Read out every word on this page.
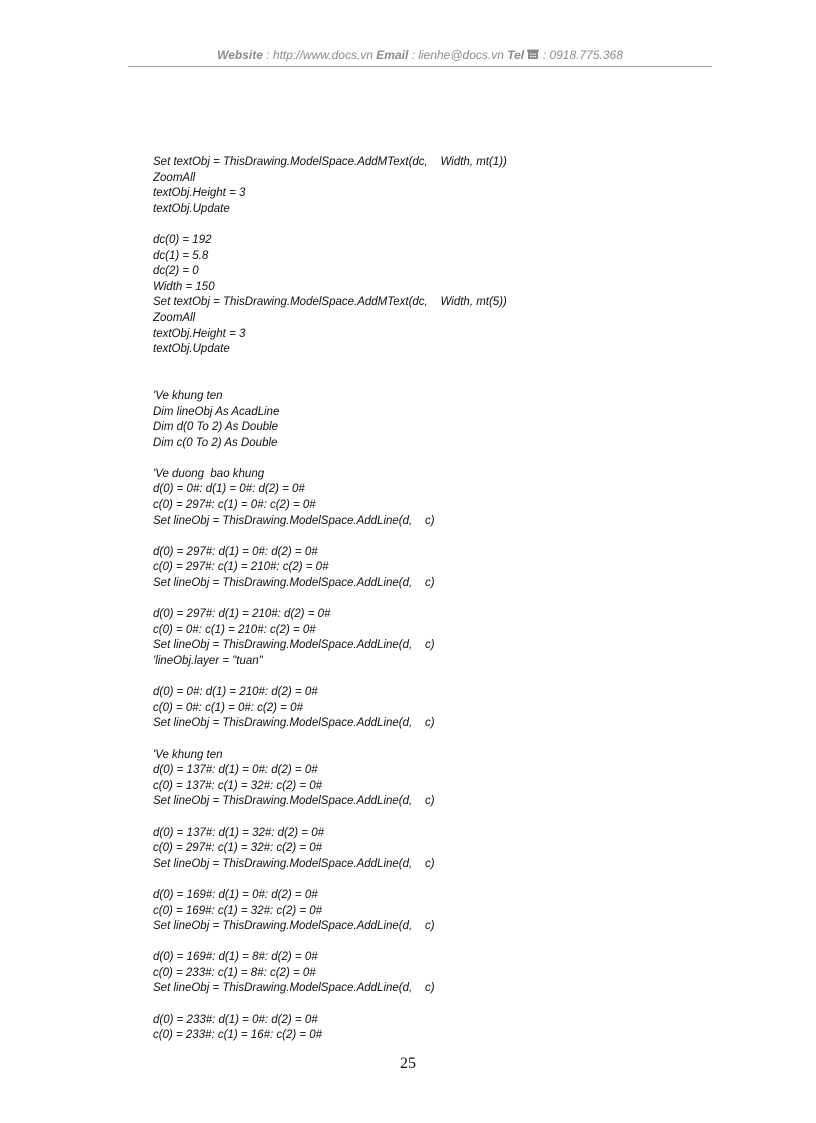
Website : http://www.docs.vn Email : lienhe@docs.vn Tel  : 0918.775.368
Set textObj = ThisDrawing.ModelSpace.AddMText(dc,    Width, mt(1))
ZoomAll
textObj.Height = 3
textObj.Update
dc(0) = 192
dc(1) = 5.8
dc(2) = 0
Width = 150
Set textObj = ThisDrawing.ModelSpace.AddMText(dc,    Width, mt(5))
ZoomAll
textObj.Height = 3
textObj.Update
'Ve khung ten
Dim lineObj As AcadLine
Dim d(0 To 2) As Double
Dim c(0 To 2) As Double
'Ve duong  bao khung
d(0) = 0#: d(1) = 0#: d(2) = 0#
c(0) = 297#: c(1) = 0#: c(2) = 0#
Set lineObj = ThisDrawing.ModelSpace.AddLine(d,    c)
d(0) = 297#: d(1) = 0#: d(2) = 0#
c(0) = 297#: c(1) = 210#: c(2) = 0#
Set lineObj = ThisDrawing.ModelSpace.AddLine(d,    c)
d(0) = 297#: d(1) = 210#: d(2) = 0#
c(0) = 0#: c(1) = 210#: c(2) = 0#
Set lineObj = ThisDrawing.ModelSpace.AddLine(d,    c)
'lineObj.layer = "tuan"
d(0) = 0#: d(1) = 210#: d(2) = 0#
c(0) = 0#: c(1) = 0#: c(2) = 0#
Set lineObj = ThisDrawing.ModelSpace.AddLine(d,    c)
'Ve khung ten
d(0) = 137#: d(1) = 0#: d(2) = 0#
c(0) = 137#: c(1) = 32#: c(2) = 0#
Set lineObj = ThisDrawing.ModelSpace.AddLine(d,    c)
d(0) = 137#: d(1) = 32#: d(2) = 0#
c(0) = 297#: c(1) = 32#: c(2) = 0#
Set lineObj = ThisDrawing.ModelSpace.AddLine(d,    c)
d(0) = 169#: d(1) = 0#: d(2) = 0#
c(0) = 169#: c(1) = 32#: c(2) = 0#
Set lineObj = ThisDrawing.ModelSpace.AddLine(d,    c)
d(0) = 169#: d(1) = 8#: d(2) = 0#
c(0) = 233#: c(1) = 8#: c(2) = 0#
Set lineObj = ThisDrawing.ModelSpace.AddLine(d,    c)
d(0) = 233#: d(1) = 0#: d(2) = 0#
c(0) = 233#: c(1) = 16#: c(2) = 0#
25
